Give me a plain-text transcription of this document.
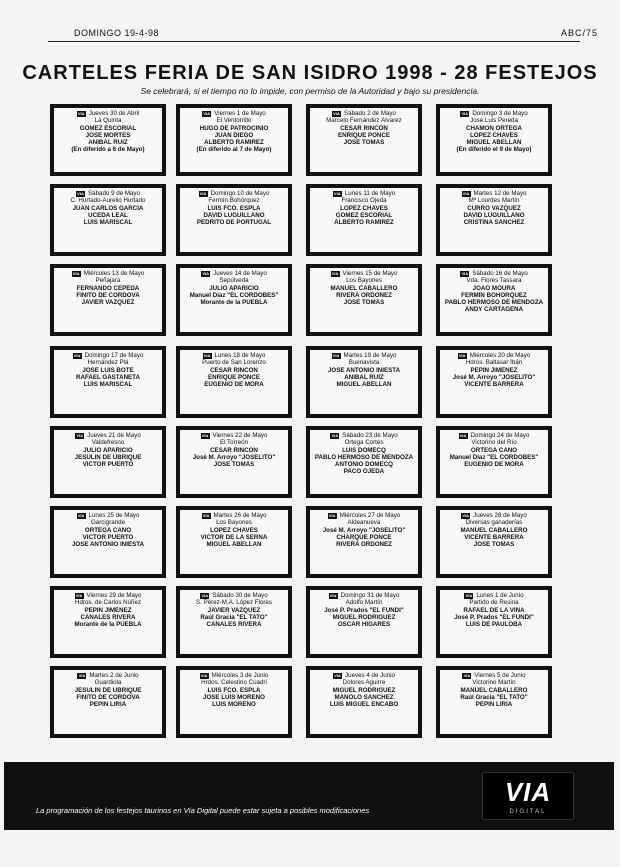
DOMINGO 19-4-98	ABC/75
CARTELES FERIA DE SAN ISIDRO 1998 - 28 FESTEJOS
Se celebrará, si el tiempo no lo impide, con permiso de la Autoridad y bajo su presidencia.
VIA Jueves 30 de Abril
La Quinta
GOMEZ ESCORIAL
JOSE MORTES
ANIBAL RUIZ
(En diferido a 6 de Mayo)
VIA Viernes 1 de Mayo
El Ventorrillo
HUGO DE PATROCINIO
JUAN DIEGO
ALBERTO RAMIREZ
(En diferido al 7 de Mayo)
VIA Sábado 2 de Mayo
Marcelo Fernández Álvarez
CESAR RINCON
ENRIQUE PONCE
JOSE TOMAS
VIA Domingo 3 de Mayo
José Luis Pereda
CHAMON ORTEGA
LOPEZ CHAVES
MIGUEL ABELLAN
(En diferido el 9 de Mayo)
VIA Sábado 9 de Mayo
C. Hurtado-Aurelio Hurtado
JUAN CARLOS GARCIA
UCEDA LEAL
LUIS MARISCAL
VIA Domingo 10 de Mayo
Fermín Bohórquez
LUIS FCO. ESPLA
DAVID LUGUILLANO
PEDRITO DE PORTUGAL
VIA Lunes 11 de Mayo
Francisco Ojeda
LOPEZ CHAVES
GOMEZ ESCORIAL
ALBERTO RAMIREZ
VIA Martes 12 de Mayo
Mª Lourdes Martín
CURRO VAZQUEZ
DAVID LUGUILLANO
CRISTINA SANCHEZ
VIA Miércoles 13 de Mayo
Peñajara
FERNANDO CEPEDA
FINITO DE CORDOVA
JAVIER VAZQUEZ
VIA Jueves 14 de Mayo
Sepúlveda
JULIO APARICIO
Manuel Díaz "EL CORDOBES"
Morante de la PUEBLA
VIA Viernes 15 de Mayo
Los Bayones
MANUEL CABALLERO
RIVERA ORDOÑEZ
JOSE TOMAS
VIA Sábado 16 de Mayo
Vda. Flores Tassara
JOAO MOURA
FERMIN BOHORQUEZ
PABLO HERMOSO DE MENDOZA
ANDY CARTAGENA
VIA Domingo 17 de Mayo
Hernández Plá
JOSE LUIS BOTE
RAFAEL GASTAÑETA
LUIS MARISCAL
VIA Lunes 18 de Mayo
Puerto de San Lorenzo
CESAR RINCON
ENRIQUE PONCE
EUGENIO DE MORA
VIA Martes 19 de Mayo
Buenavista
JOSE ANTONIO INIESTA
ANIBAL RUIZ
MIGUEL ABELLAN
VIA Miércoles 20 de Mayo
Hdros. Baltasar Ibán
PEPIN JIMENEZ
José M. Arroyo "JOSELITO"
VICENTE BARRERA
VIA Jueves 21 de Mayo
Valdefresno
JULIO APARICIO
JESULIN DE UBRIQUE
VICTOR PUERTO
VIA Viernes 22 de Mayo
El Torreón
CESAR RINCON
José M. Arroyo "JOSELITO"
JOSE TOMAS
VIA Sábado 23 de Mayo
Ortega Cortés
LUIS DOMECQ
PABLO HERMOSO DE MENDOZA
ANTONIO DOMECQ
PACO OJEDA
VIA Domingo 24 de Mayo
Victorino del Río
ORTEGA CANO
Manuel Díaz "EL CORDOBES"
EUGENIO DE MORA
VIA Lunes 25 de Mayo
Garcigrande
ORTEGA CANO
VICTOR PUERTO
JOSE ANTONIO INIESTA
VIA Martes 26 de Mayo
Los Bayones
LOPEZ CHAVES
VICTOR DE LA SERNA
MIGUEL ABELLAN
VIA Miércoles 27 de Mayo
Aldeanueva
José M. Arroyo "JOSELITO"
CHARQUE PONCE
RIVERA ORDOÑEZ
VIA Jueves 28 de Mayo
Diversas ganaderías
MANUEL CABALLERO
VICENTE BARRERA
JOSE TOMAS
VIA Viernes 29 de Mayo
Hdros. de Carlos Núñez
PEPIN JIMENEZ
CANALES RIVERA
Morante de la PUEBLA
VIA Sábado 30 de Mayo
S. Pérez-M.A. López Flores
JAVIER VAZQUEZ
Raúl Gracia "EL TATO"
CANALES RIVERA
VIA Domingo 31 de Mayo
Adolfo Martín
José P. Prados "EL FUNDI"
MIGUEL RODRIGUEZ
OSCAR HIGARES
VIA Lunes 1 de Junio
Partido de Resina
RAFAEL DE LA VIÑA
José P. Prados "EL FUNDI"
LUIS DE PAULOBA
VIA Martes 2 de Junio
Guardiola
JESULIN DE UBRIQUE
FINITO DE CORDOVA
PEPIN LIRIA
VIA Miércoles 3 de Junio
Hrdos. Celestino Cuadri
LUIS FCO. ESPLA
JOSE LUIS MORENO
LUIS MORENO
VIA Jueves 4 de Junio
Dolores Aguirre
MIGUEL RODRIGUEZ
MANOLO SANCHEZ
LUIS MIGUEL ENCABO
VIA Viernes 5 de Junio
Victorino Martín
MANUEL CABALLERO
Raúl Gracia "EL TATO"
PEPIN LIRIA
VIA
DIGITAL
La programación de los festejos taurinos en Vía Digital puede estar sujeta a posibles modificaciones
La televisión personal
